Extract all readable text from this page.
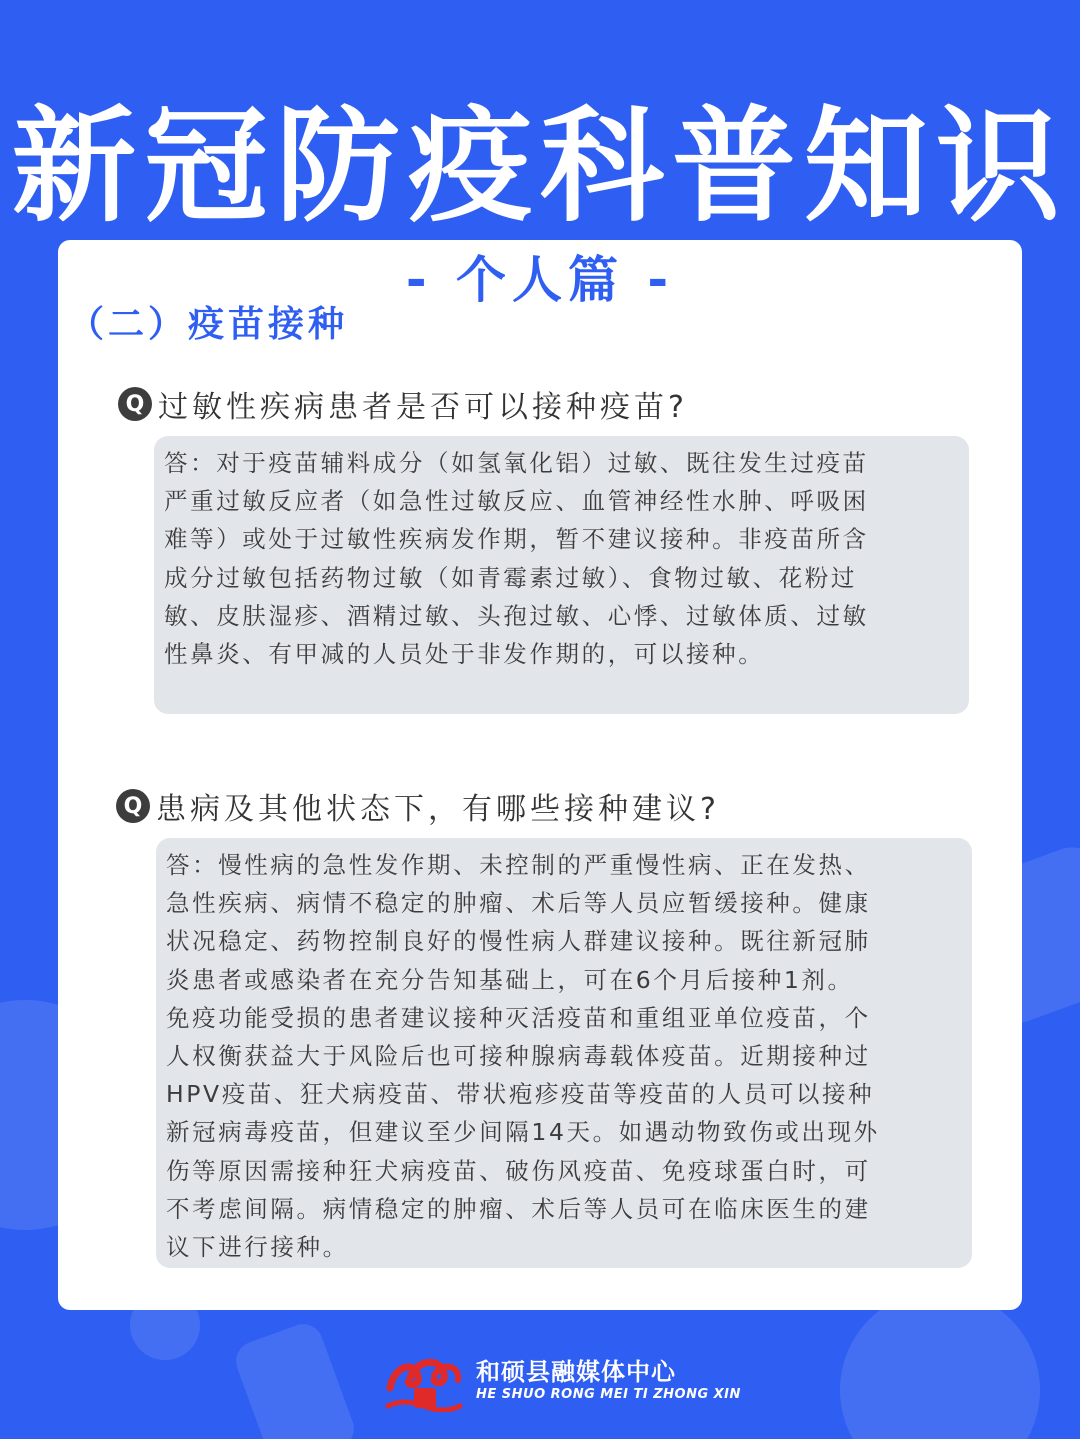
新冠防疫科普知识
- 个人篇 -
（二）疫苗接种
Q 过敏性疾病患者是否可以接种疫苗?
答：对于疫苗辅料成分（如氢氧化铝）过敏、既往发生过疫苗
严重过敏反应者（如急性过敏反应、血管神经性水肿、呼吸困
难等）或处于过敏性疾病发作期，暂不建议接种。非疫苗所含
成分过敏包括药物过敏（如青霉素过敏）、食物过敏、花粉过
敏、皮肤湿疹、酒精过敏、头孢过敏、心悸、过敏体质、过敏
性鼻炎、有甲减的人员处于非发作期的，可以接种。
Q 患病及其他状态下，有哪些接种建议?
答：慢性病的急性发作期、未控制的严重慢性病、正在发热、
急性疾病、病情不稳定的肿瘤、术后等人员应暂缓接种。健康
状况稳定、药物控制良好的慢性病人群建议接种。既往新冠肺
炎患者或感染者在充分告知基础上，可在6个月后接种1剂。
免疫功能受损的患者建议接种灭活疫苗和重组亚单位疫苗，个
人权衡获益大于风险后也可接种腺病毒载体疫苗。近期接种过
HPV疫苗、狂犬病疫苗、带状疱疹疫苗等疫苗的人员可以接种
新冠病毒疫苗，但建议至少间隔14天。如遇动物致伤或出现外
伤等原因需接种狂犬病疫苗、破伤风疫苗、免疫球蛋白时，可
不考虑间隔。病情稳定的肿瘤、术后等人员可在临床医生的建
议下进行接种。
和硕县融媒体中心
HE SHUO RONG MEI TI ZHONG XIN
